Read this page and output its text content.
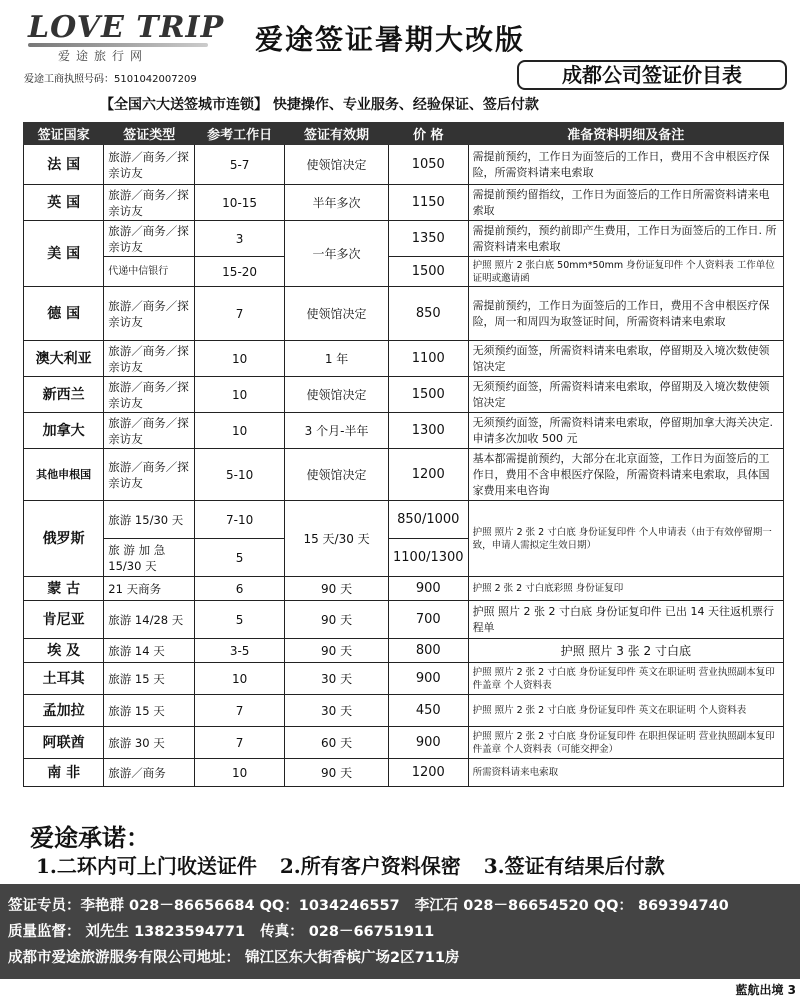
LOVE TRIP
爱途旅行网
爱途工商执照号码：5101042007209
爱途签证暑期大改版
成都公司签证价目表
【全国六大送签城市连锁】 快捷操作、专业服务、经验保证、签后付款
签证国家	签证类型	参考工作日	签证有效期	价 格	准备资料明细及备注
法 国	旅游／商务／探亲访友	5-7	使领馆决定	1050	需提前预约，工作日为面签后的工作日，费用不含申根医疗保险，所需资料请来电索取
英 国	旅游／商务／探亲访友	10-15	半年多次	1150	需提前预约留指纹，工作日为面签后的工作日所需资料请来电索取
美 国	旅游／商务／探亲访友	3	一年多次	1350	需提前预约，预约前即产生费用，工作日为面签后的工作日. 所需资料请来电索取
	代递中信银行	15-20		1500	护照 照片 2 张白底 50mm*50mm 身份证复印件 个人资料表 工作单位证明或邀请函
德 国	旅游／商务／探亲访友	7	使领馆决定	850	需提前预约，工作日为面签后的工作日，费用不含申根医疗保险，周一和周四为取签证时间，所需资料请来电索取
澳大利亚	旅游／商务／探亲访友	10	1 年	1100	无须预约面签，所需资料请来电索取，停留期及入境次数使领馆决定
新西兰	旅游／商务／探亲访友	10	使领馆决定	1500	无须预约面签，所需资料请来电索取，停留期及入境次数使领馆决定
加拿大	旅游／商务／探亲访友	10	3 个月-半年	1300	无须预约面签，所需资料请来电索取，停留期加拿大海关决定. 申请多次加收 500 元
其他申根国	旅游／商务／探亲访友	5-10	使领馆决定	1200	基本都需提前预约，大部分在北京面签，工作日为面签后的工作日，费用不含申根医疗保险，所需资料请来电索取，具体国家费用来电咨询
俄罗斯	旅游 15/30 天	7-10	15 天/30 天	850/1000	护照 照片 2 张 2 寸白底 身份证复印件 个人申请表（由于有效停留期一致，申请人需拟定生效日期）
	旅 游 加 急 15/30 天	5		1100/1300	
蒙 古	21 天商务	6	90 天	900	护照 2 张 2 寸白底彩照 身份证复印
肯尼亚	旅游 14/28 天	5	90 天	700	护照 照片 2 张 2 寸白底 身份证复印件 已出 14 天往返机票行程单
埃 及	旅游 14 天	3-5	90 天	800	护照 照片 3 张 2 寸白底
土耳其	旅游 15 天	10	30 天	900	护照 照片 2 张 2 寸白底 身份证复印件 英文在职证明 营业执照副本复印件盖章 个人资料表
孟加拉	旅游 15 天	7	30 天	450	护照 照片 2 张 2 寸白底 身份证复印件 英文在职证明 个人资料表
阿联酋	旅游 30 天	7	60 天	900	护照 照片 2 张 2 寸白底 身份证复印件 在职担保证明 营业执照副本复印件盖章 个人资料表（可能交押金）
南 非	旅游／商务	10	90 天	1200	所需资料请来电索取
爱途承诺：
1.二环内可上门收送证件 2.所有客户资料保密 3.签证有结果后付款
签证专员：李艳群 028－86656684 QQ：1034246557 李江石 028－86654520 QQ： 869394740
质量监督： 刘先生 13823594771 传真： 028－66751911
成都市爱途旅游服务有限公司地址： 锦江区东大街香槟广场2区711房
藍航出境 3
